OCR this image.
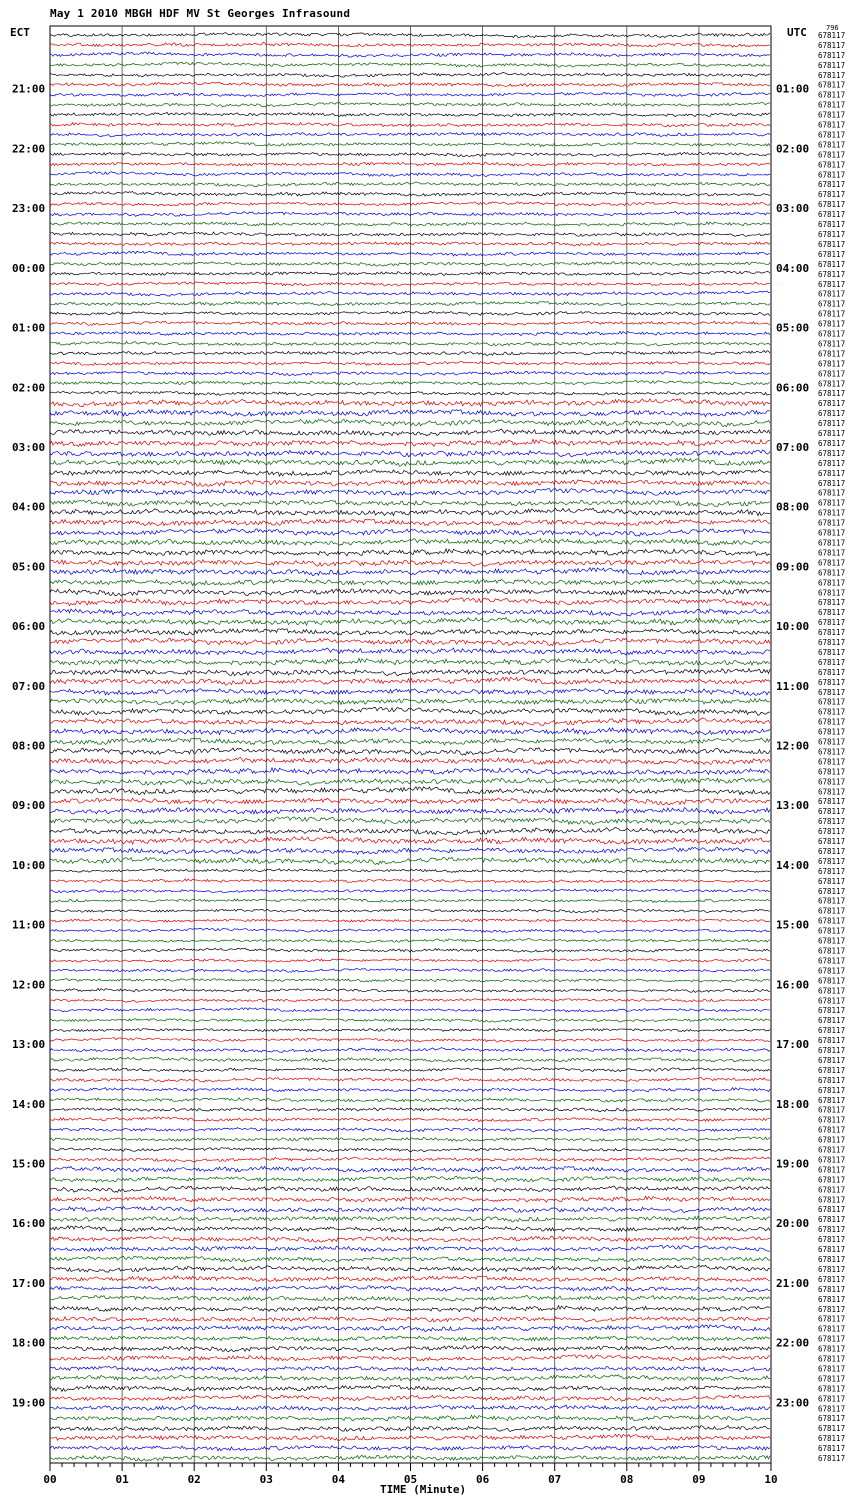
May 1 2010 MBGH HDF MV St Georges Infrasound
ECT	UTC	796
678117
678117
678117
678117
678117
678117
678117
678117
678117
678117
678117
678117
678117
678117
678117
678117
678117
678117
678117
678117
678117
678117
678117
678117
678117
678117
678117
678117
678117
678117
678117
678117
678117
678117
678117
678117
678117
678117
678117
678117
678117
678117
678117
678117
678117
678117
678117
678117
678117
678117
678117
678117
678117
678117
678117
678117
678117
678117
678117
678117
678117
678117
678117
678117
678117
678117
678117
678117
678117
678117
678117
678117
678117
678117
678117
678117
678117
678117
678117
678117
678117
678117
678117
678117
678117
678117
678117
678117
678117
678117
678117
678117
678117
678117
678117
678117
678117
678117
678117
678117
678117
678117
678117
678117
678117
678117
678117
678117
678117
678117
678117
678117
678117
678117
678117
678117
678117
678117
678117
678117
678117
678117
678117
678117
678117
678117
678117
678117
678117
678117
678117
678117
678117
678117
678117
678117
678117
678117
678117
678117
678117
678117
678117
678117
21:00
22:00
23:00
00:00
01:00
02:00
03:00
04:00
05:00
06:00
07:00
08:00
09:00
10:00
11:00
12:00
13:00
14:00
15:00
16:00
17:00
18:00
19:00
01:00
02:00
03:00
04:00
05:00
06:00
07:00
08:00
09:00
10:00
11:00
12:00
13:00
14:00
15:00
16:00
17:00
18:00
19:00
20:00
21:00
22:00
23:00
00	01	02	03	04	05	06	07	08	09	10
TIME (Minute)
